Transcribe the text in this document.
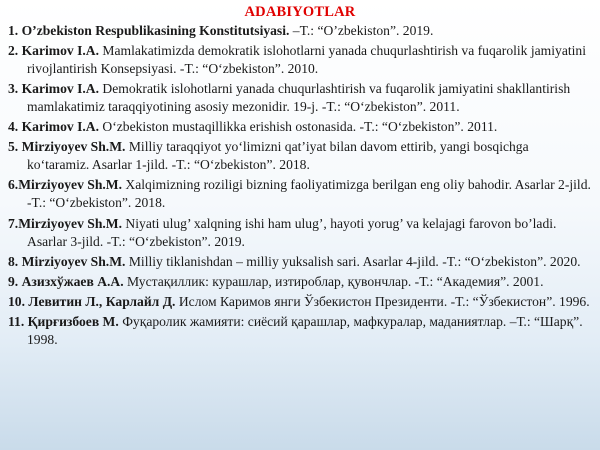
ADABIYOTLAR
1. O’zbekiston Respublikasining Konstitutsiyasi. –T.: “O’zbekiston”. 2019.
2. Karimov I.A. Mamlakatimizda demokratik islohotlarni yanada chuqurlashtirish va fuqarolik jamiyatini rivojlantirish Konsepsiyasi. -T.: “O‘zbekiston”. 2010.
3. Karimov I.A. Demokratik islohotlarni yanada chuqurlashtirish va fuqarolik jamiyatini shakllantirish mamlakatimiz taraqqiyotining asosiy mezonidir. 19-j. -T.: “O‘zbekiston”. 2011.
4. Karimov I.A. O‘zbekiston mustaqillikka erishish ostonasida. -T.: “O‘zbekiston”. 2011.
5. Mirziyoyev Sh.M. Milliy taraqqiyot yo‘limizni qat’iyat bilan davom ettirib, yangi bosqichga ko‘taramiz. Asarlar 1-jild. -T.: “O‘zbekiston”. 2018.
6.Mirziyoyev Sh.M. Xalqimizning roziligi bizning faoliyatimizga berilgan eng oliy bahodir. Asarlar 2-jild. -T.: “O‘zbekiston”. 2018.
7.Mirziyoyev Sh.M. Niyati ulug’ xalqning ishi ham ulug’, hayoti yorug’ va kelajagi farovon bo’ladi. Asarlar 3-jild. -T.: “O‘zbekiston”. 2019.
8. Mirziyoyev Sh.M. Milliy tiklanishdan – milliy yuksalish sari. Asarlar 4-jild. -T.: “O‘zbekiston”. 2020.
9. Азизхўжаев А.А. Мустақиллик: курашлар, изтироблар, қувончлар. -Т.: “Академия”. 2001.
10. Левитин Л., Карлайл Д. Ислом Каримов янги Ўзбекистон Президенти. -Т.: “Ўзбекистон”. 1996.
11. Қирғизбоев М. Фуқаролик жамияти: сиёсий қарашлар, мафкуралар, маданиятлар. –Т.: “Шарқ”. 1998.
